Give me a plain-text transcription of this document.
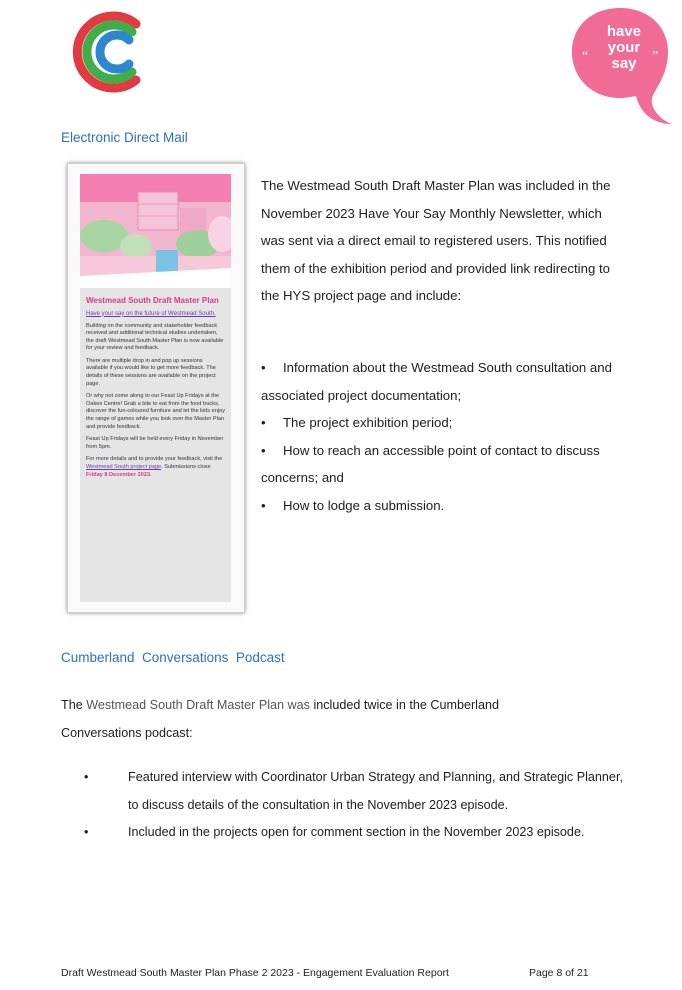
“	”
have your say
Electronic Direct Mail
Westmead South Draft Master Plan
Have your say on the future of Westmead South.
Building on the community and stakeholder feedback received and additional technical studies undertaken, the draft Westmead South Master Plan is now available for your review and feedback.
There are multiple drop in and pop up sessions available if you would like to get more feedback. The details of these sessions are available on the project page.
Or why not come along to our Feast Up Fridays at the Oakes Centre! Grab a bite to eat from the food trucks, discover the fun-coloured furniture and let the kids enjoy the range of games while you look over the Master Plan and provide feedback.
Feast Up Fridays will be held every Friday in November from 5pm.
For more details and to provide your feedback, visit the Westmead South project page. Submissions close Friday 8 December 2023.
The Westmead South Draft Master Plan was included in the November 2023 Have Your Say Monthly Newsletter, which was sent via a direct email to registered users. This notified them of the exhibition period and provided link redirecting to the HYS project page and include:
• Information about the Westmead South consultation and associated project documentation;
• The project exhibition period;
• How to reach an accessible point of contact to discuss concerns; and
• How to lodge a submission.
Cumberland  Conversations  Podcast
The Westmead South Draft Master Plan was included twice in the Cumberland Conversations podcast:
•	Featured interview with Coordinator Urban Strategy and Planning, and Strategic Planner, to discuss details of the consultation in the November 2023 episode.
•	Included in the projects open for comment section in the November 2023 episode.
Draft Westmead South Master Plan Phase 2 2023 - Engagement Evaluation Report	Page 8 of 21
